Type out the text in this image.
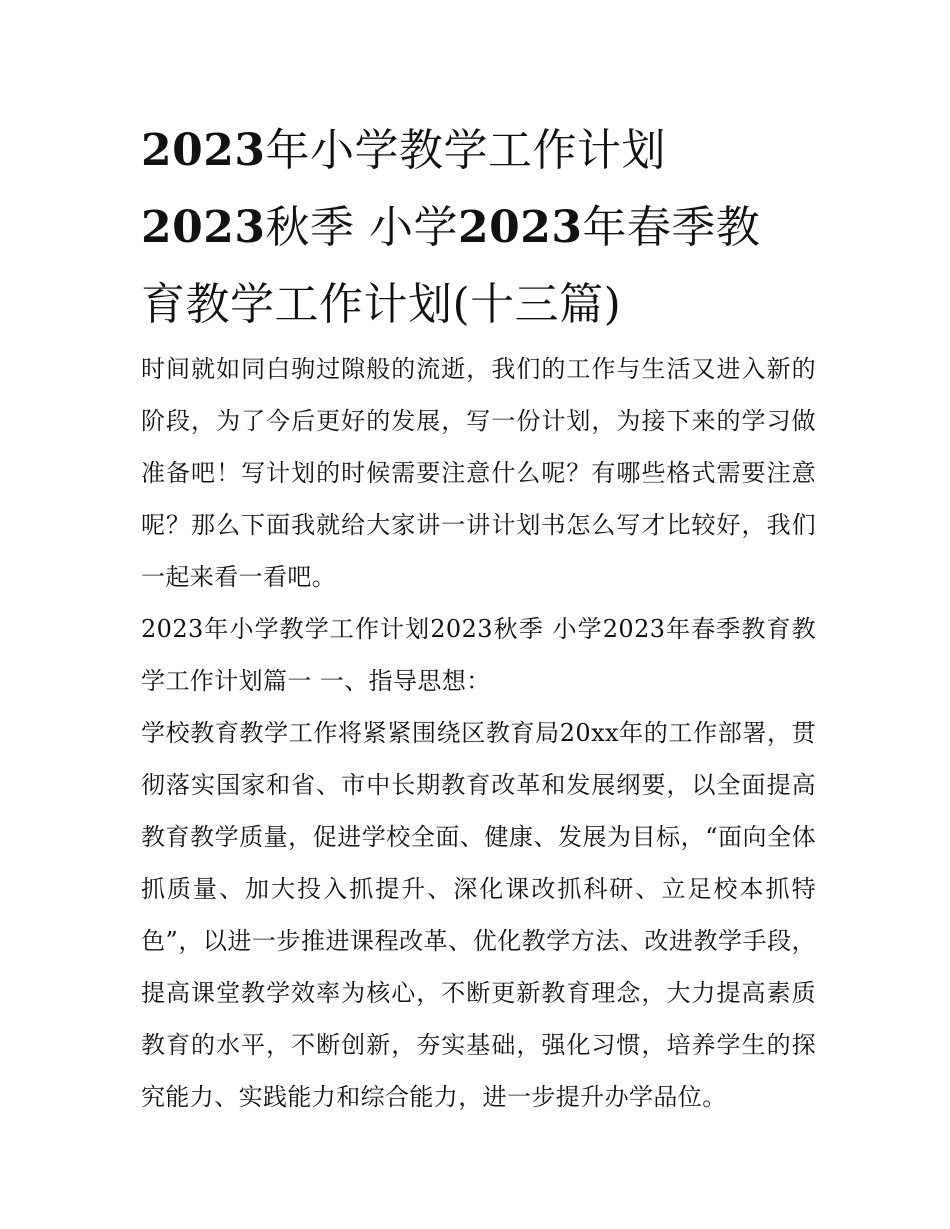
2023年小学教学工作计划
2023秋季 小学2023年春季教
育教学工作计划(十三篇)

时间就如同白驹过隙般的流逝，我们的工作与生活又进入新的阶段，为了今后更好的发展，写一份计划，为接下来的学习做准备吧！写计划的时候需要注意什么呢？有哪些格式需要注意呢？那么下面我就给大家讲一讲计划书怎么写才比较好，我们一起来看一看吧。

2023年小学教学工作计划2023秋季 小学2023年春季教育教学工作计划篇一 一、指导思想：

学校教育教学工作将紧紧围绕区教育局20xx年的工作部署，贯彻落实国家和省、市中长期教育改革和发展纲要，以全面提高教育教学质量，促进学校全面、健康、发展为目标，“面向全体抓质量、加大投入抓提升、深化课改抓科研、立足校本抓特色”，以进一步推进课程改革、优化教学方法、改进教学手段，提高课堂教学效率为核心，不断更新教育理念，大力提高素质教育的水平，不断创新，夯实基础，强化习惯，培养学生的探究能力、实践能力和综合能力，进一步提升办学品位。
